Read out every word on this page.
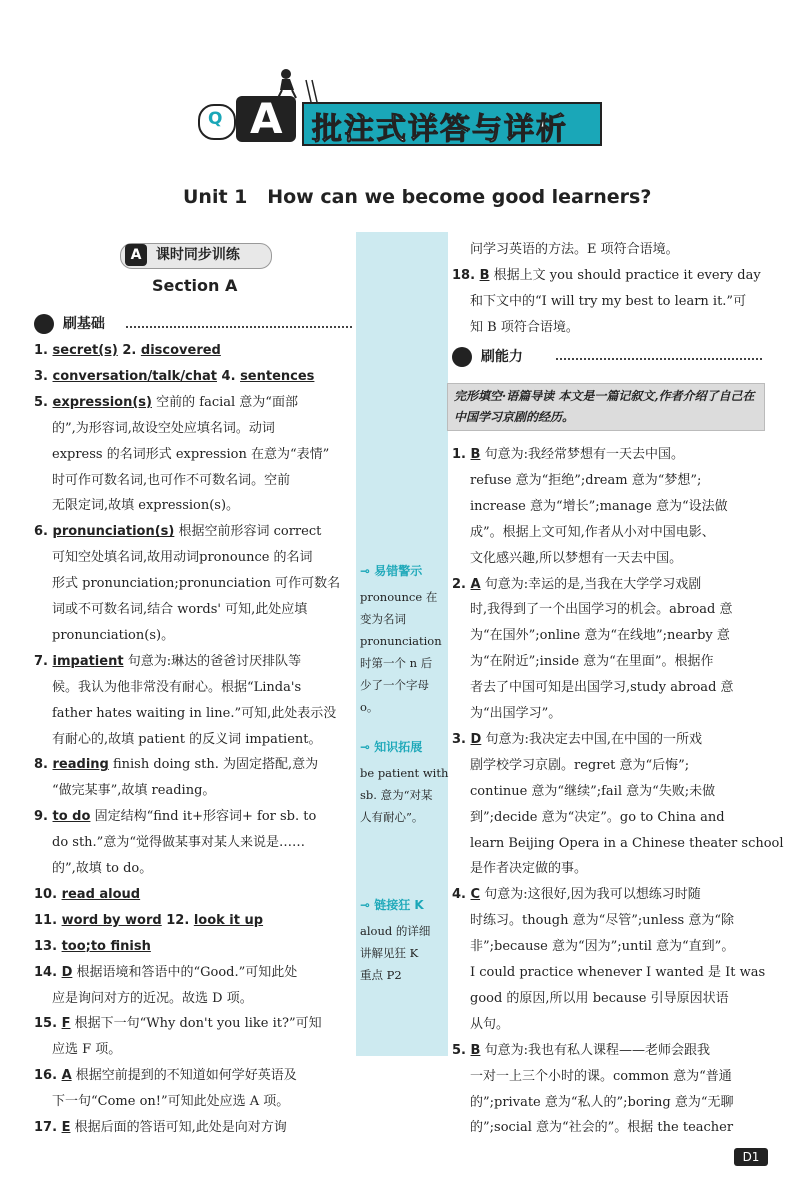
Q A 批注式详答与详析
Unit 1   How can we become good learners?
A 课时同步训练
Section A
刷基础
1. secret(s) 2. discovered
3. conversation/talk/chat 4. sentences
5. expression(s) 空前的 facial 意为“面部
的”,为形容词,故设空处应填名词。动词
express 的名词形式 expression 在意为“表情”
时可作可数名词,也可作不可数名词。空前
无限定词,故填 expression(s)。
6. pronunciation(s) 根据空前形容词 correct
可知空处填名词,故用动词pronounce 的名词
形式 pronunciation;pronunciation 可作可数名
词或不可数名词,结合 words' 可知,此处应填
pronunciation(s)。
7. impatient 句意为:琳达的爸爸讨厌排队等
候。我认为他非常没有耐心。根据“Linda's
father hates waiting in line.”可知,此处表示没
有耐心的,故填 patient 的反义词 impatient。
8. reading finish doing sth. 为固定搭配,意为
“做完某事”,故填 reading。
9. to do 固定结构“find it+形容词+ for sb. to
do sth.”意为“觉得做某事对某人来说是……
的”,故填 to do。
10. read aloud
11. word by word 12. look it up
13. too;to finish
14. D 根据语境和答语中的“Good.”可知此处
应是询问对方的近况。故选 D 项。
15. F 根据下一句“Why don't you like it?”可知
应选 F 项。
16. A 根据空前提到的不知道如何学好英语及
下一句“Come on!”可知此处应选 A 项。
17. E 根据后面的答语可知,此处是向对方询
问学习英语的方法。E 项符合语境。
18. B 根据上文 you should practice it every day
和下文中的“I will try my best to learn it.”可
知 B 项符合语境。
刷能力
完形填空·语篇导读 本文是一篇记叙文,作者介绍了自己在中国学习京剧的经历。
1. B 句意为:我经常梦想有一天去中国。
refuse 意为“拒绝”;dream 意为“梦想”;
increase 意为“增长”;manage 意为“设法做
成”。根据上文可知,作者从小对中国电影、
文化感兴趣,所以梦想有一天去中国。
2. A 句意为:幸运的是,当我在大学学习戏剧
时,我得到了一个出国学习的机会。abroad 意
为“在国外”;online 意为“在线地”;nearby 意
为“在附近”;inside 意为“在里面”。根据作
者去了中国可知是出国学习,study abroad 意
为“出国学习”。
3. D 句意为:我决定去中国,在中国的一所戏
剧学校学习京剧。regret 意为“后悔”;
continue 意为“继续”;fail 意为“失败;未做
到”;decide 意为“决定”。go to China and
learn Beijing Opera in a Chinese theater school
是作者决定做的事。
4. C 句意为:这很好,因为我可以想练习时随
时练习。though 意为“尽管”;unless 意为“除
非”;because 意为“因为”;until 意为“直到”。
I could practice whenever I wanted 是 It was
good 的原因,所以用 because 引导原因状语
从句。
5. B 句意为:我也有私人课程——老师会跟我
一对一上三个小时的课。common 意为“普通
的”;private 意为“私人的”;boring 意为“无聊
的”;social 意为“社会的”。根据 the teacher
⊸ 易错警示
pronounce 在
变为名词
pronunciation
时第一个 n 后
少了一个字母
o。
⊸ 知识拓展
be patient with
sb. 意为“对某
人有耐心”。
⊸ 链接狂 K
aloud 的详细
讲解见狂 K
重点 P2
D1
